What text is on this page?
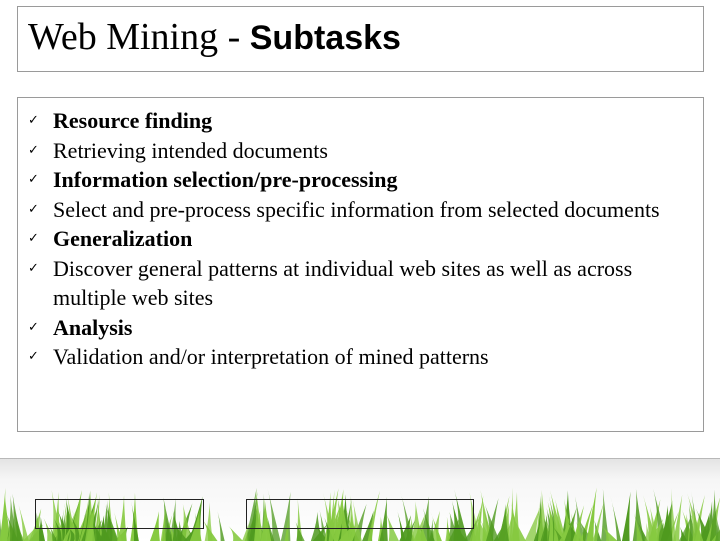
Web Mining - Subtasks
✓ Resource finding
✓ Retrieving intended documents
✓ Information selection/pre-processing
✓ Select and pre-process specific information from selected documents
✓ Generalization
✓ Discover general patterns at individual web sites as well as across multiple web sites
✓ Analysis
✓ Validation and/or interpretation of mined patterns
